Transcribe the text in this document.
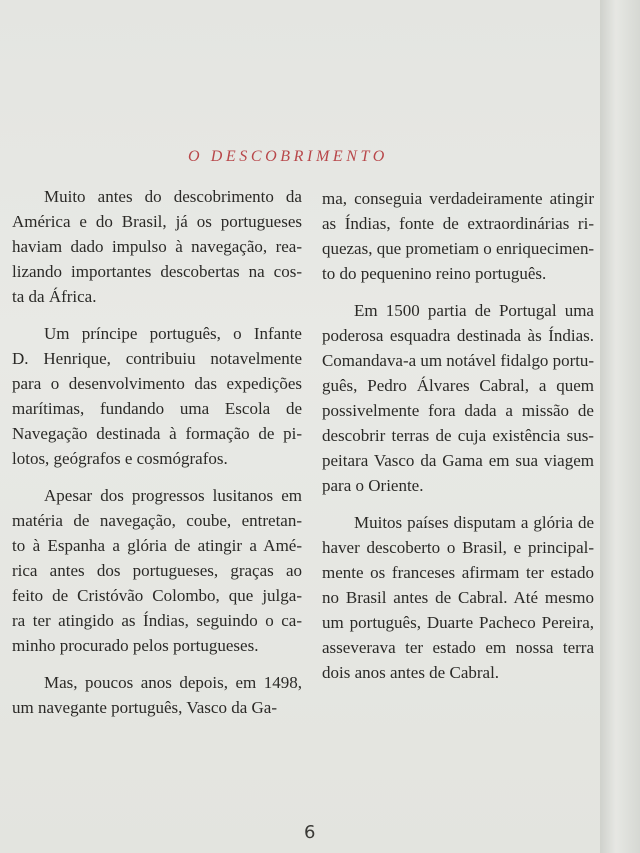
O DESCOBRIMENTO

Muito antes do descobrimento da
América e do Brasil, já os portugueses
haviam dado impulso à navegação, rea-
lizando importantes descobertas na cos-
ta da África.

Um príncipe português, o Infante
D. Henrique, contribuiu notavelmente
para o desenvolvimento das expedições
marítimas, fundando uma Escola de
Navegação destinada à formação de pi-
lotos, geógrafos e cosmógrafos.

Apesar dos progressos lusitanos em
matéria de navegação, coube, entretan-
to à Espanha a glória de atingir a Amé-
rica antes dos portugueses, graças ao
feito de Cristóvão Colombo, que julga-
ra ter atingido as Índias, seguindo o ca-
minho procurado pelos portugueses.

Mas, poucos anos depois, em 1498,
um navegante português, Vasco da Ga-

ma, conseguia verdadeiramente atingir
as Índias, fonte de extraordinárias ri-
quezas, que prometiam o enriquecimen-
to do pequenino reino português.

Em 1500 partia de Portugal uma
poderosa esquadra destinada às Índias.
Comandava-a um notável fidalgo portu-
guês, Pedro Álvares Cabral, a quem
possivelmente fora dada a missão de
descobrir terras de cuja existência sus-
peitara Vasco da Gama em sua viagem
para o Oriente.

Muitos países disputam a glória de
haver descoberto o Brasil, e principal-
mente os franceses afirmam ter estado
no Brasil antes de Cabral. Até mesmo
um português, Duarte Pacheco Pereira,
asseverava ter estado em nossa terra
dois anos antes de Cabral.

6
